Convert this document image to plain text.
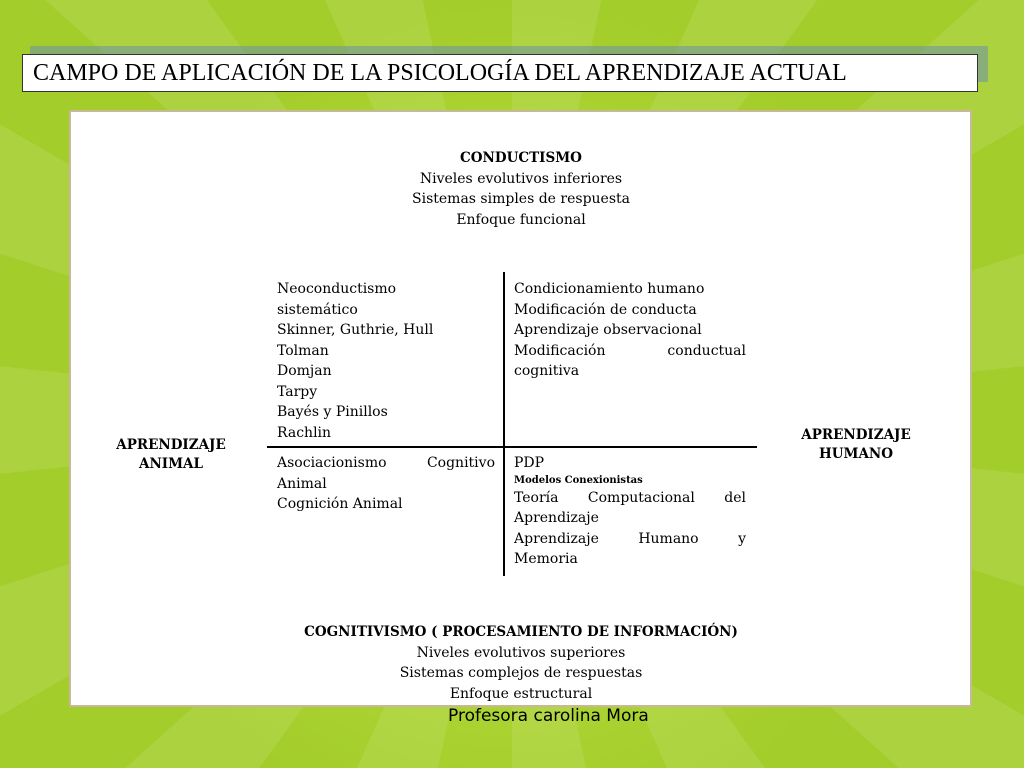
CAMPO DE APLICACIÓN DE LA PSICOLOGÍA DEL APRENDIZAJE ACTUAL
CONDUCTISMO
Niveles evolutivos inferiores
Sistemas simples de respuesta
Enfoque funcional

Neoconductismo

sistemático

Skinner, Guthrie, Hull

Tolman

Domjan

Tarpy

Bayés y Pinillos

Rachlin

Condicionamiento humano

Modificación de conducta

Aprendizaje observacional

Modificación conductual

cognitiva

APRENDIZAJE
ANIMAL
APRENDIZAJE
HUMANO

Asociacionismo Cognitivo

Animal

Cognición Animal

PDP

Modelos Conexionistas

Teoría Computacional del

Aprendizaje

Aprendizaje Humano y

Memoria

COGNITIVISMO ( PROCESAMIENTO DE INFORMACIÓN)
Niveles evolutivos superiores
Sistemas complejos de respuestas
Enfoque estructural
Profesora carolina Mora
